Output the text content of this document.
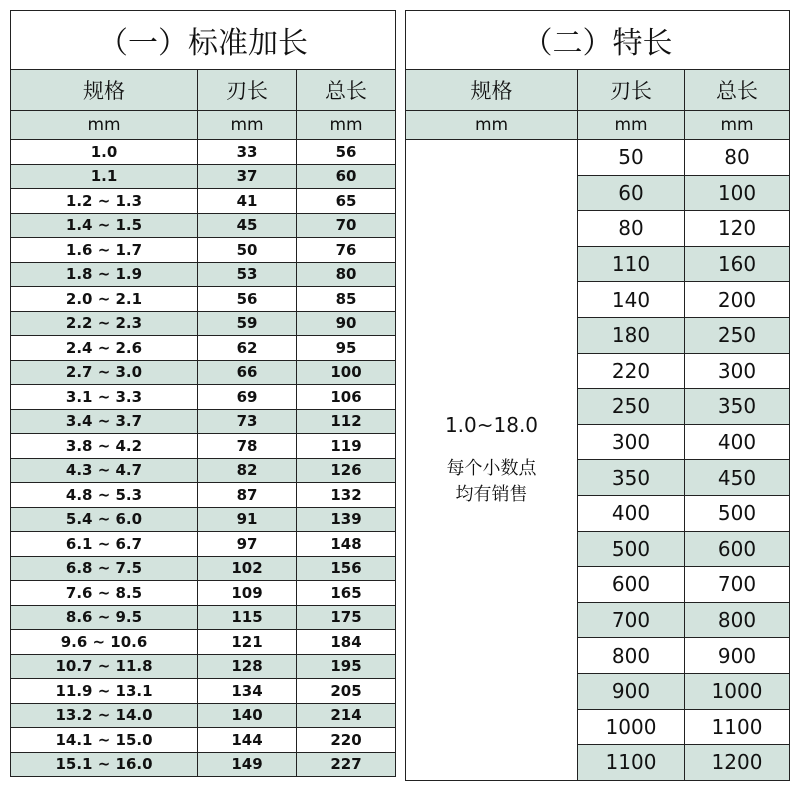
（一）标准加长		
规格	刃长	总长
mm	mm	mm
1.0	33	56
1.1	37	60
1.2 ~ 1.3	41	65
1.4 ~ 1.5	45	70
1.6 ~ 1.7	50	76
1.8 ~ 1.9	53	80
2.0 ~ 2.1	56	85
2.2 ~ 2.3	59	90
2.4 ~ 2.6	62	95
2.7 ~ 3.0	66	100
3.1 ~ 3.3	69	106
3.4 ~ 3.7	73	112
3.8 ~ 4.2	78	119
4.3 ~ 4.7	82	126
4.8 ~ 5.3	87	132
5.4 ~ 6.0	91	139
6.1 ~ 6.7	97	148
6.8 ~ 7.5	102	156
7.6 ~ 8.5	109	165
8.6 ~ 9.5	115	175
9.6 ~ 10.6	121	184
10.7 ~ 11.8	128	195
11.9 ~ 13.1	134	205
13.2 ~ 14.0	140	214
14.1 ~ 15.0	144	220
15.1 ~ 16.0	149	227
（二）特长		
规格	刃长	总长
mm	mm	mm
1.0~18.0
每个小数点
均有销售	50	80
	60	100
	80	120
	110	160
	140	200
	180	250
	220	300
	250	350
	300	400
	350	450
	400	500
	500	600
	600	700
	700	800
	800	900
	900	1000
	1000	1100
	1100	1200
